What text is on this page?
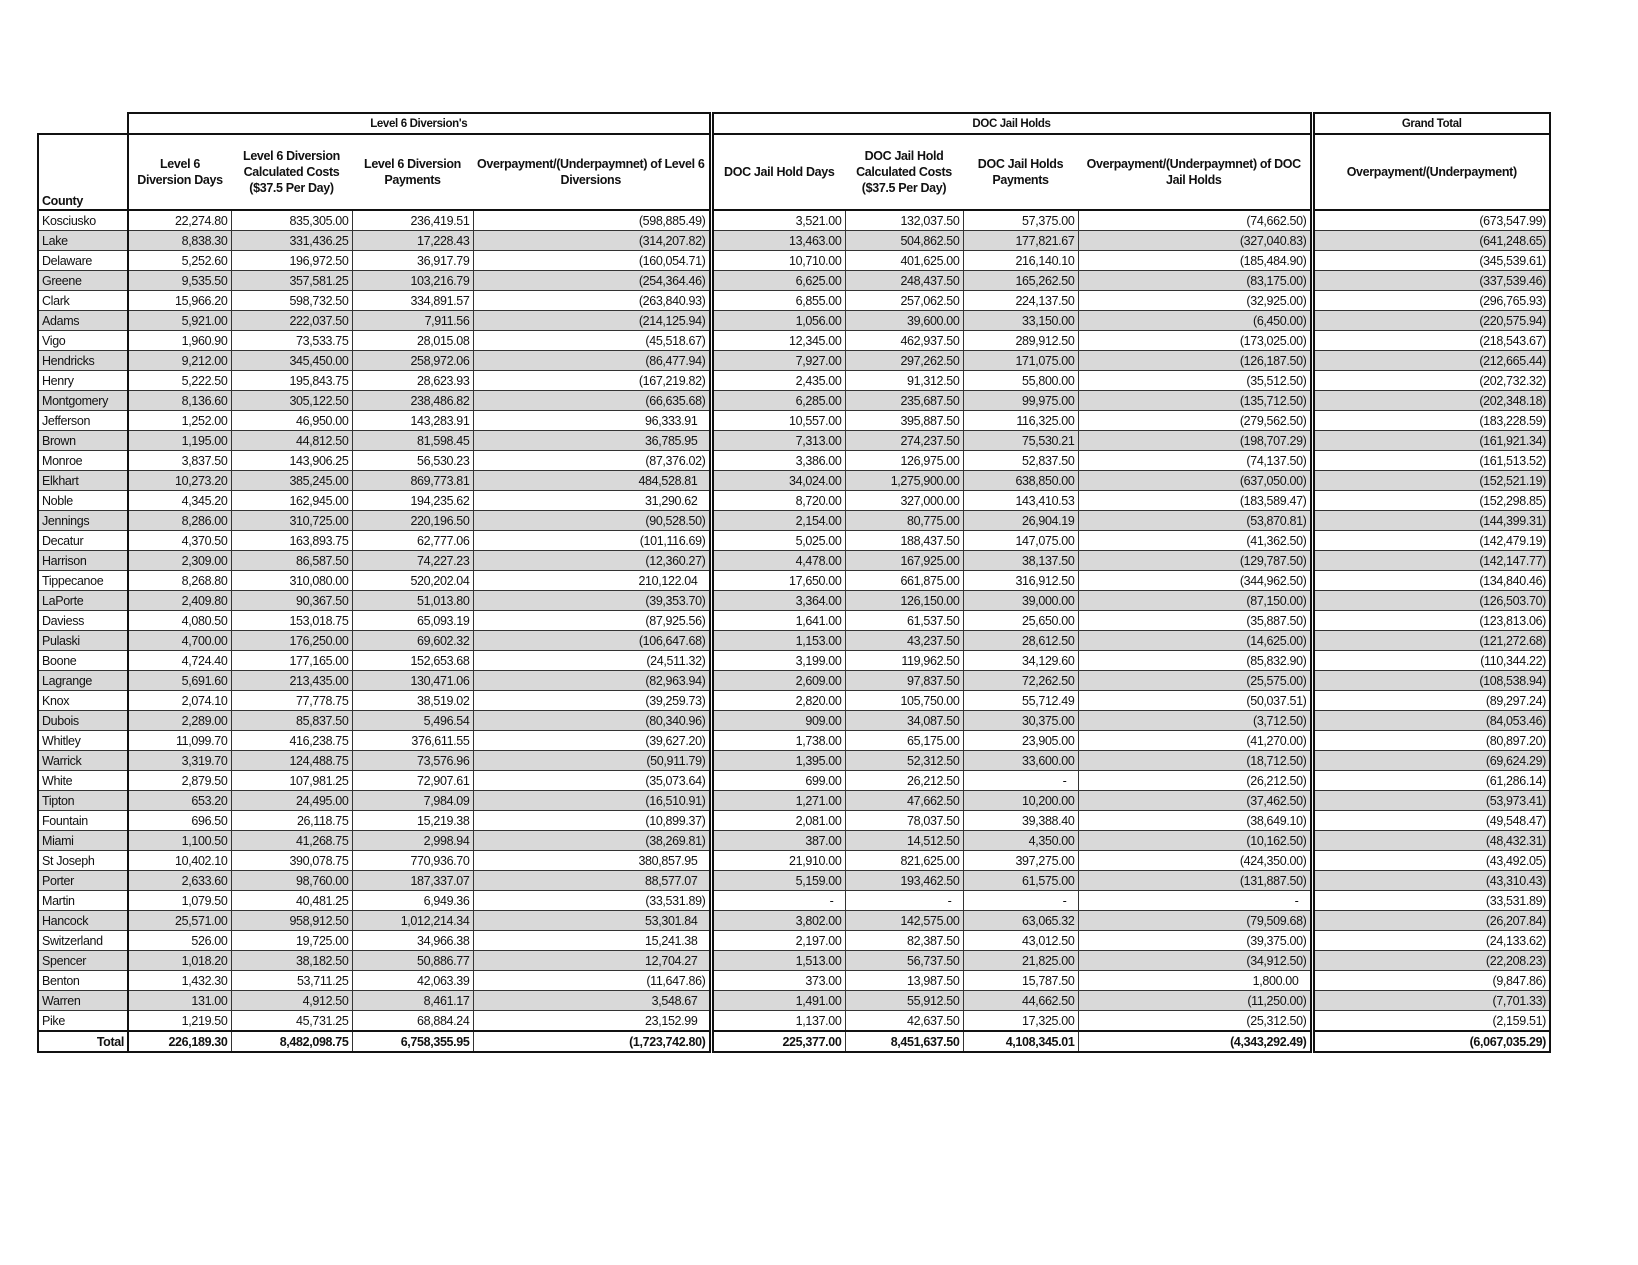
	Level 6 Diversion's				DOC Jail Holds				Grand Total
County	Level 6 Diversion Days	Level 6 Diversion Calculated Costs ($37.5 Per Day)	Level 6 Diversion Payments	Overpayment/(Underpaymnet) of Level 6 Diversions	DOC Jail Hold Days	DOC Jail Hold Calculated Costs ($37.5 Per Day)	DOC Jail Holds Payments	Overpayment/(Underpaymnet) of DOC Jail Holds	Overpayment/(Underpayment)
Kosciusko	22,274.80	835,305.00	236,419.51	(598,885.49)	3,521.00	132,037.50	57,375.00	(74,662.50)	(673,547.99)
Lake	8,838.30	331,436.25	17,228.43	(314,207.82)	13,463.00	504,862.50	177,821.67	(327,040.83)	(641,248.65)
Delaware	5,252.60	196,972.50	36,917.79	(160,054.71)	10,710.00	401,625.00	216,140.10	(185,484.90)	(345,539.61)
Greene	9,535.50	357,581.25	103,216.79	(254,364.46)	6,625.00	248,437.50	165,262.50	(83,175.00)	(337,539.46)
Clark	15,966.20	598,732.50	334,891.57	(263,840.93)	6,855.00	257,062.50	224,137.50	(32,925.00)	(296,765.93)
Adams	5,921.00	222,037.50	7,911.56	(214,125.94)	1,056.00	39,600.00	33,150.00	(6,450.00)	(220,575.94)
Vigo	1,960.90	73,533.75	28,015.08	(45,518.67)	12,345.00	462,937.50	289,912.50	(173,025.00)	(218,543.67)
Hendricks	9,212.00	345,450.00	258,972.06	(86,477.94)	7,927.00	297,262.50	171,075.00	(126,187.50)	(212,665.44)
Henry	5,222.50	195,843.75	28,623.93	(167,219.82)	2,435.00	91,312.50	55,800.00	(35,512.50)	(202,732.32)
Montgomery	8,136.60	305,122.50	238,486.82	(66,635.68)	6,285.00	235,687.50	99,975.00	(135,712.50)	(202,348.18)
Jefferson	1,252.00	46,950.00	143,283.91	96,333.91	10,557.00	395,887.50	116,325.00	(279,562.50)	(183,228.59)
Brown	1,195.00	44,812.50	81,598.45	36,785.95	7,313.00	274,237.50	75,530.21	(198,707.29)	(161,921.34)
Monroe	3,837.50	143,906.25	56,530.23	(87,376.02)	3,386.00	126,975.00	52,837.50	(74,137.50)	(161,513.52)
Elkhart	10,273.20	385,245.00	869,773.81	484,528.81	34,024.00	1,275,900.00	638,850.00	(637,050.00)	(152,521.19)
Noble	4,345.20	162,945.00	194,235.62	31,290.62	8,720.00	327,000.00	143,410.53	(183,589.47)	(152,298.85)
Jennings	8,286.00	310,725.00	220,196.50	(90,528.50)	2,154.00	80,775.00	26,904.19	(53,870.81)	(144,399.31)
Decatur	4,370.50	163,893.75	62,777.06	(101,116.69)	5,025.00	188,437.50	147,075.00	(41,362.50)	(142,479.19)
Harrison	2,309.00	86,587.50	74,227.23	(12,360.27)	4,478.00	167,925.00	38,137.50	(129,787.50)	(142,147.77)
Tippecanoe	8,268.80	310,080.00	520,202.04	210,122.04	17,650.00	661,875.00	316,912.50	(344,962.50)	(134,840.46)
LaPorte	2,409.80	90,367.50	51,013.80	(39,353.70)	3,364.00	126,150.00	39,000.00	(87,150.00)	(126,503.70)
Daviess	4,080.50	153,018.75	65,093.19	(87,925.56)	1,641.00	61,537.50	25,650.00	(35,887.50)	(123,813.06)
Pulaski	4,700.00	176,250.00	69,602.32	(106,647.68)	1,153.00	43,237.50	28,612.50	(14,625.00)	(121,272.68)
Boone	4,724.40	177,165.00	152,653.68	(24,511.32)	3,199.00	119,962.50	34,129.60	(85,832.90)	(110,344.22)
Lagrange	5,691.60	213,435.00	130,471.06	(82,963.94)	2,609.00	97,837.50	72,262.50	(25,575.00)	(108,538.94)
Knox	2,074.10	77,778.75	38,519.02	(39,259.73)	2,820.00	105,750.00	55,712.49	(50,037.51)	(89,297.24)
Dubois	2,289.00	85,837.50	5,496.54	(80,340.96)	909.00	34,087.50	30,375.00	(3,712.50)	(84,053.46)
Whitley	11,099.70	416,238.75	376,611.55	(39,627.20)	1,738.00	65,175.00	23,905.00	(41,270.00)	(80,897.20)
Warrick	3,319.70	124,488.75	73,576.96	(50,911.79)	1,395.00	52,312.50	33,600.00	(18,712.50)	(69,624.29)
White	2,879.50	107,981.25	72,907.61	(35,073.64)	699.00	26,212.50	-	(26,212.50)	(61,286.14)
Tipton	653.20	24,495.00	7,984.09	(16,510.91)	1,271.00	47,662.50	10,200.00	(37,462.50)	(53,973.41)
Fountain	696.50	26,118.75	15,219.38	(10,899.37)	2,081.00	78,037.50	39,388.40	(38,649.10)	(49,548.47)
Miami	1,100.50	41,268.75	2,998.94	(38,269.81)	387.00	14,512.50	4,350.00	(10,162.50)	(48,432.31)
St Joseph	10,402.10	390,078.75	770,936.70	380,857.95	21,910.00	821,625.00	397,275.00	(424,350.00)	(43,492.05)
Porter	2,633.60	98,760.00	187,337.07	88,577.07	5,159.00	193,462.50	61,575.00	(131,887.50)	(43,310.43)
Martin	1,079.50	40,481.25	6,949.36	(33,531.89)	-	-	-	-	(33,531.89)
Hancock	25,571.00	958,912.50	1,012,214.34	53,301.84	3,802.00	142,575.00	63,065.32	(79,509.68)	(26,207.84)
Switzerland	526.00	19,725.00	34,966.38	15,241.38	2,197.00	82,387.50	43,012.50	(39,375.00)	(24,133.62)
Spencer	1,018.20	38,182.50	50,886.77	12,704.27	1,513.00	56,737.50	21,825.00	(34,912.50)	(22,208.23)
Benton	1,432.30	53,711.25	42,063.39	(11,647.86)	373.00	13,987.50	15,787.50	1,800.00	(9,847.86)
Warren	131.00	4,912.50	8,461.17	3,548.67	1,491.00	55,912.50	44,662.50	(11,250.00)	(7,701.33)
Pike	1,219.50	45,731.25	68,884.24	23,152.99	1,137.00	42,637.50	17,325.00	(25,312.50)	(2,159.51)
Total	226,189.30	8,482,098.75	6,758,355.95	(1,723,742.80)	225,377.00	8,451,637.50	4,108,345.01	(4,343,292.49)	(6,067,035.29)
